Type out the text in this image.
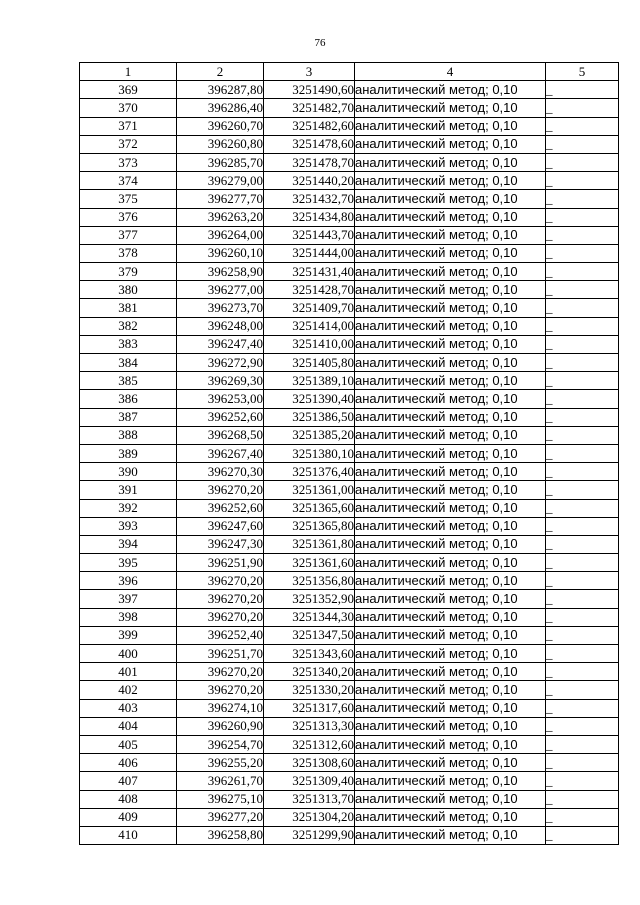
76
1	2	3	4	5
369	396287,80	3251490,60	аналитический метод; 0,10	_
370	396286,40	3251482,70	аналитический метод; 0,10	_
371	396260,70	3251482,60	аналитический метод; 0,10	_
372	396260,80	3251478,60	аналитический метод; 0,10	_
373	396285,70	3251478,70	аналитический метод; 0,10	_
374	396279,00	3251440,20	аналитический метод; 0,10	_
375	396277,70	3251432,70	аналитический метод; 0,10	_
376	396263,20	3251434,80	аналитический метод; 0,10	_
377	396264,00	3251443,70	аналитический метод; 0,10	_
378	396260,10	3251444,00	аналитический метод; 0,10	_
379	396258,90	3251431,40	аналитический метод; 0,10	_
380	396277,00	3251428,70	аналитический метод; 0,10	_
381	396273,70	3251409,70	аналитический метод; 0,10	_
382	396248,00	3251414,00	аналитический метод; 0,10	_
383	396247,40	3251410,00	аналитический метод; 0,10	_
384	396272,90	3251405,80	аналитический метод; 0,10	_
385	396269,30	3251389,10	аналитический метод; 0,10	_
386	396253,00	3251390,40	аналитический метод; 0,10	_
387	396252,60	3251386,50	аналитический метод; 0,10	_
388	396268,50	3251385,20	аналитический метод; 0,10	_
389	396267,40	3251380,10	аналитический метод; 0,10	_
390	396270,30	3251376,40	аналитический метод; 0,10	_
391	396270,20	3251361,00	аналитический метод; 0,10	_
392	396252,60	3251365,60	аналитический метод; 0,10	_
393	396247,60	3251365,80	аналитический метод; 0,10	_
394	396247,30	3251361,80	аналитический метод; 0,10	_
395	396251,90	3251361,60	аналитический метод; 0,10	_
396	396270,20	3251356,80	аналитический метод; 0,10	_
397	396270,20	3251352,90	аналитический метод; 0,10	_
398	396270,20	3251344,30	аналитический метод; 0,10	_
399	396252,40	3251347,50	аналитический метод; 0,10	_
400	396251,70	3251343,60	аналитический метод; 0,10	_
401	396270,20	3251340,20	аналитический метод; 0,10	_
402	396270,20	3251330,20	аналитический метод; 0,10	_
403	396274,10	3251317,60	аналитический метод; 0,10	_
404	396260,90	3251313,30	аналитический метод; 0,10	_
405	396254,70	3251312,60	аналитический метод; 0,10	_
406	396255,20	3251308,60	аналитический метод; 0,10	_
407	396261,70	3251309,40	аналитический метод; 0,10	_
408	396275,10	3251313,70	аналитический метод; 0,10	_
409	396277,20	3251304,20	аналитический метод; 0,10	_
410	396258,80	3251299,90	аналитический метод; 0,10	_
